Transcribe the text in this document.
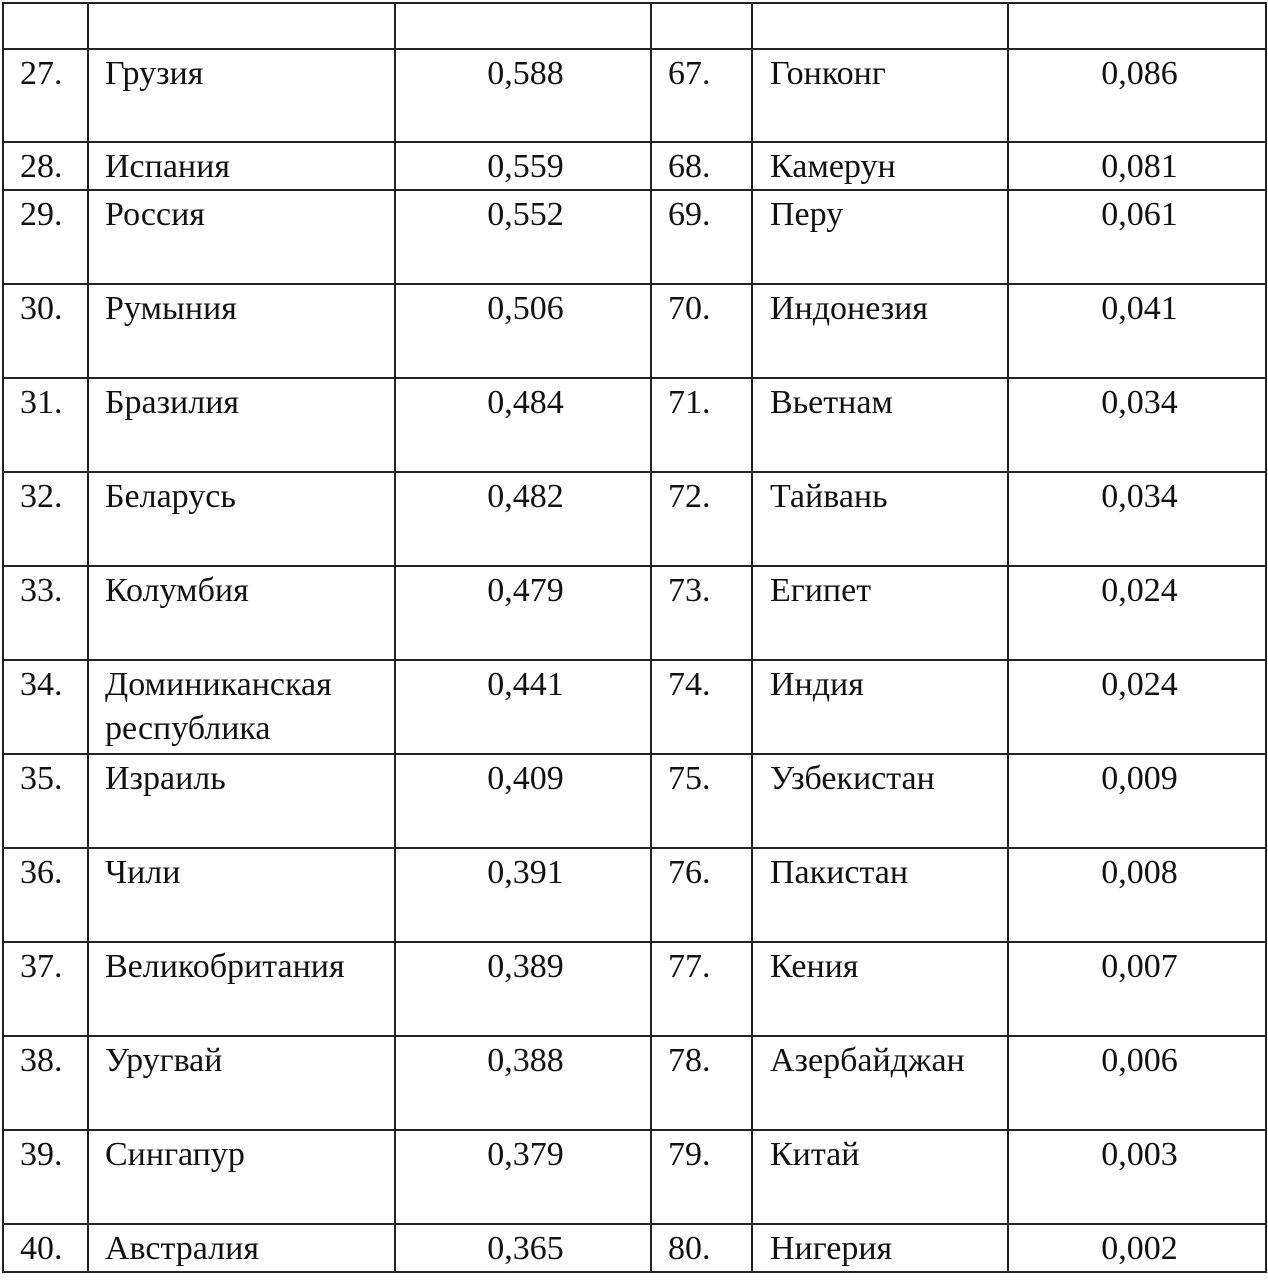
27.	Грузия	0,588	67.	Гонконг	0,086

28.	Испания	0,559	68.	Камерун	0,081

29.	Россия	0,552	69.	Перу	0,061

30.	Румыния	0,506	70.	Индонезия	0,041

31.	Бразилия	0,484	71.	Вьетнам	0,034

32.	Беларусь	0,482	72.	Тайвань	0,034

33.	Колумбия	0,479	73.	Египет	0,024

34.	Доминиканская республика	0,441	74.	Индия	0,024

35.	Израиль	0,409	75.	Узбекистан	0,009

36.	Чили	0,391	76.	Пакистан	0,008

37.	Великобритания	0,389	77.	Кения	0,007

38.	Уругвай	0,388	78.	Азербайджан	0,006

39.	Сингапур	0,379	79.	Китай	0,003

40.	Австралия	0,365	80.	Нигерия	0,002
